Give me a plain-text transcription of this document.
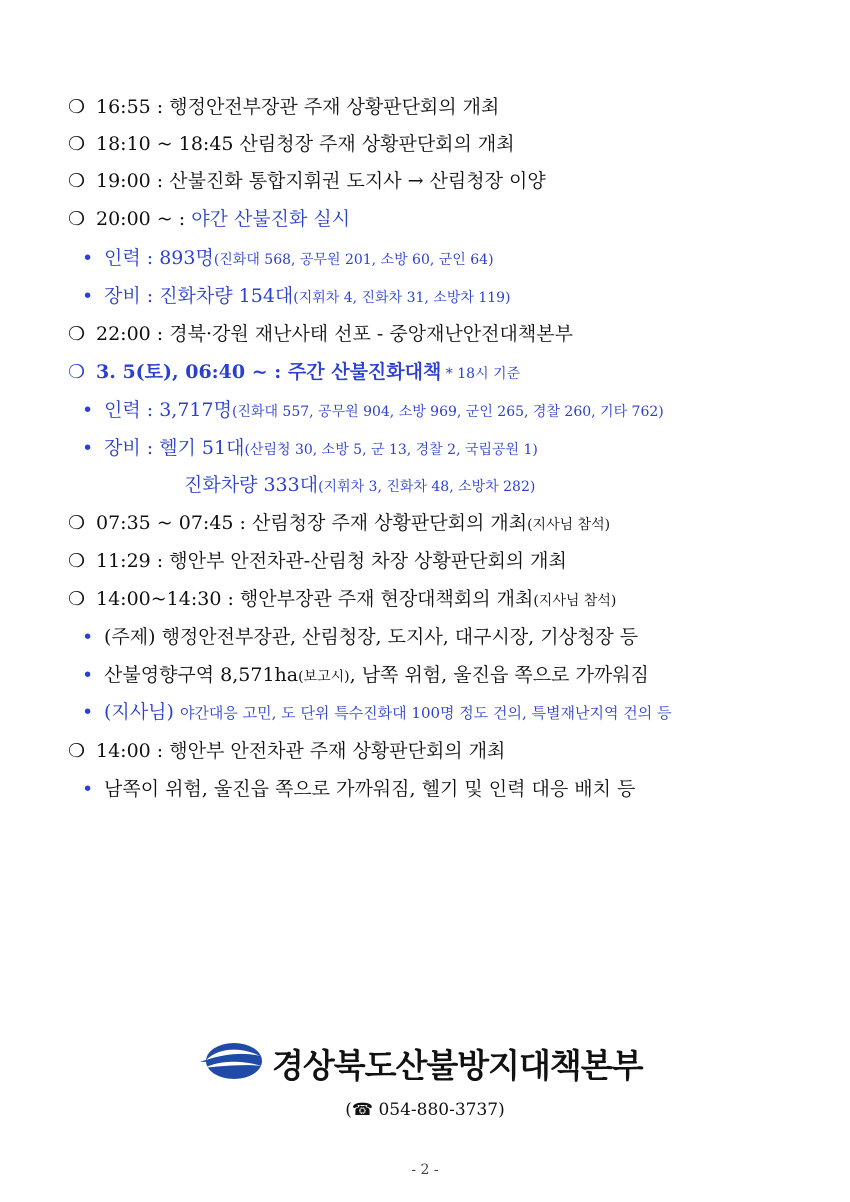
❍ 16:55 : 행정안전부장관 주재 상황판단회의 개최
❍ 18:10 ~ 18:45 산림청장 주재 상황판단회의 개최
❍ 19:00 : 산불진화 통합지휘권 도지사 → 산림청장 이양
❍ 20:00 ~ : 야간 산불진화 실시
• 인력 : 893명(진화대 568, 공무원 201, 소방 60, 군인 64)
• 장비 : 진화차량 154대(지휘차 4, 진화차 31, 소방차 119)
❍ 22:00 : 경북·강원 재난사태 선포 - 중앙재난안전대책본부
❍ 3. 5(토), 06:40 ~ : 주간 산불진화대책 * 18시 기준
• 인력 : 3,717명(진화대 557, 공무원 904, 소방 969, 군인 265, 경찰 260, 기타 762)
• 장비 : 헬기 51대(산림청 30, 소방 5, 군 13, 경찰 2, 국립공원 1)
진화차량 333대(지휘차 3, 진화차 48, 소방차 282)
❍ 07:35 ~ 07:45 : 산림청장 주재 상황판단회의 개최(지사님 참석)
❍ 11:29 : 행안부 안전차관-산림청 차장 상황판단회의 개최
❍ 14:00~14:30 : 행안부장관 주재 현장대책회의 개최(지사님 참석)
• (주제) 행정안전부장관, 산림청장, 도지사, 대구시장, 기상청장 등
• 산불영향구역 8,571ha(보고시), 남쪽 위험, 울진읍 쪽으로 가까워짐
• (지사님) 야간대응 고민, 도 단위 특수진화대 100명 정도 건의, 특별재난지역 건의 등
❍ 14:00 : 행안부 안전차관 주재 상황판단회의 개최
• 남쪽이 위험, 울진읍 쪽으로 가까워짐, 헬기 및 인력 대응 배치 등
경상북도산불방지대책본부
(☎ 054-880-3737)
- 2 -
